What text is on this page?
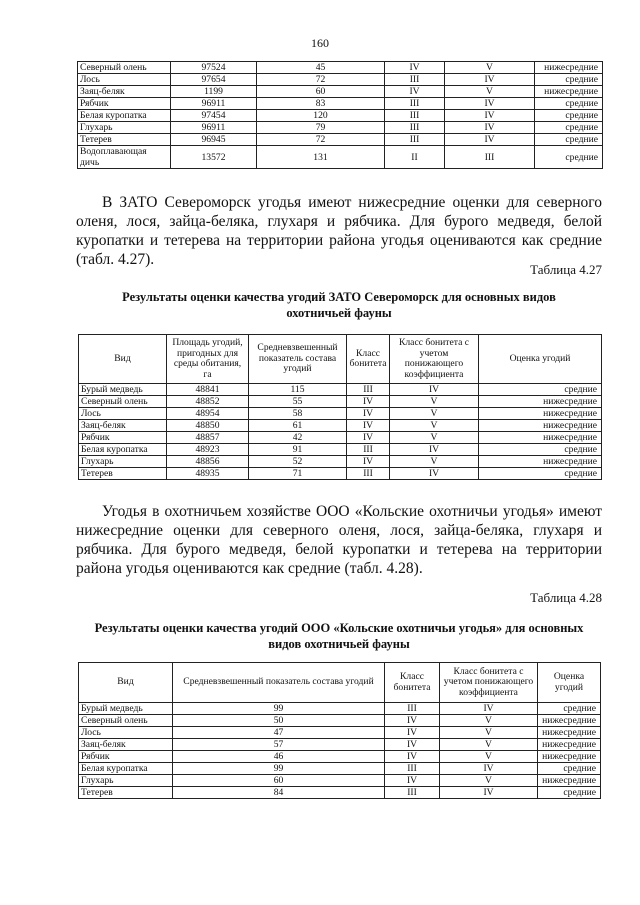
160
Северный олень	97524	45	IV	V	нижесредние
Лось	97654	72	III	IV	средние
Заяц-беляк	1199	60	IV	V	нижесредние
Рябчик	96911	83	III	IV	средние
Белая куропатка	97454	120	III	IV	средние
Глухарь	96911	79	III	IV	средние
Тетерев	96945	72	III	IV	средние
Водоплавающая дичь	13572	131	II	III	средние
В ЗАТО Североморск угодья имеют нижесредние оценки для северного оленя, лося, зайца-беляка, глухаря и рябчика. Для бурого медведя, белой куропатки и тетерева на территории района угодья оцениваются как средние (табл. 4.27).
Таблица 4.27
Результаты оценки качества угодий ЗАТО Североморск для основных видов
охотничьей фауны
Вид	Площадь угодий, пригодных для среды обитания, га	Средневзвешенный показатель состава угодий	Класс бонитета	Класс бонитета с учетом понижающего коэффициента	Оценка угодий
Бурый медведь	48841	115	III	IV	средние
Северный олень	48852	55	IV	V	нижесредние
Лось	48954	58	IV	V	нижесредние
Заяц-беляк	48850	61	IV	V	нижесредние
Рябчик	48857	42	IV	V	нижесредние
Белая куропатка	48923	91	III	IV	средние
Глухарь	48856	52	IV	V	нижесредние
Тетерев	48935	71	III	IV	средние
Угодья в охотничьем хозяйстве ООО «Кольские охотничьи угодья» имеют нижесредние оценки для северного оленя, лося, зайца-беляка, глухаря и рябчика. Для бурого медведя, белой куропатки и тетерева на территории района угодья оцениваются как средние (табл. 4.28).
Таблица 4.28
Результаты оценки качества угодий ООО «Кольские охотничьи угодья» для основных
видов охотничьей фауны
Вид	Средневзвешенный показатель состава угодий	Класс бонитета	Класс бонитета с учетом понижающего коэффициента	Оценка угодий
Бурый медведь	99	III	IV	средние
Северный олень	50	IV	V	нижесредние
Лось	47	IV	V	нижесредние
Заяц-беляк	57	IV	V	нижесредние
Рябчик	46	IV	V	нижесредние
Белая куропатка	99	III	IV	средние
Глухарь	60	IV	V	нижесредние
Тетерев	84	III	IV	средние
